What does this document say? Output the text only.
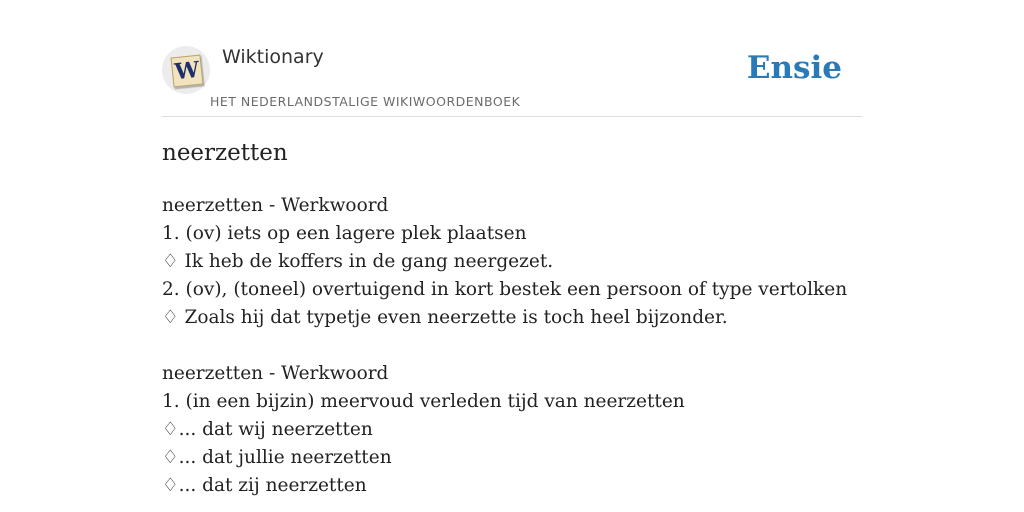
W Wiktionary
HET NEDERLANDSTALIGE WIKIWOORDENBOEK
Ensie
neerzetten
neerzetten - Werkwoord
1. (ov) iets op een lagere plek plaatsen
♢ Ik heb de koffers in de gang neergezet.
2. (ov), (toneel) overtuigend in kort bestek een persoon of type vertolken
♢ Zoals hij dat typetje even neerzette is toch heel bijzonder.
neerzetten - Werkwoord
1. (in een bijzin) meervoud verleden tijd van neerzetten
♢... dat wij neerzetten
♢... dat jullie neerzetten
♢... dat zij neerzetten
